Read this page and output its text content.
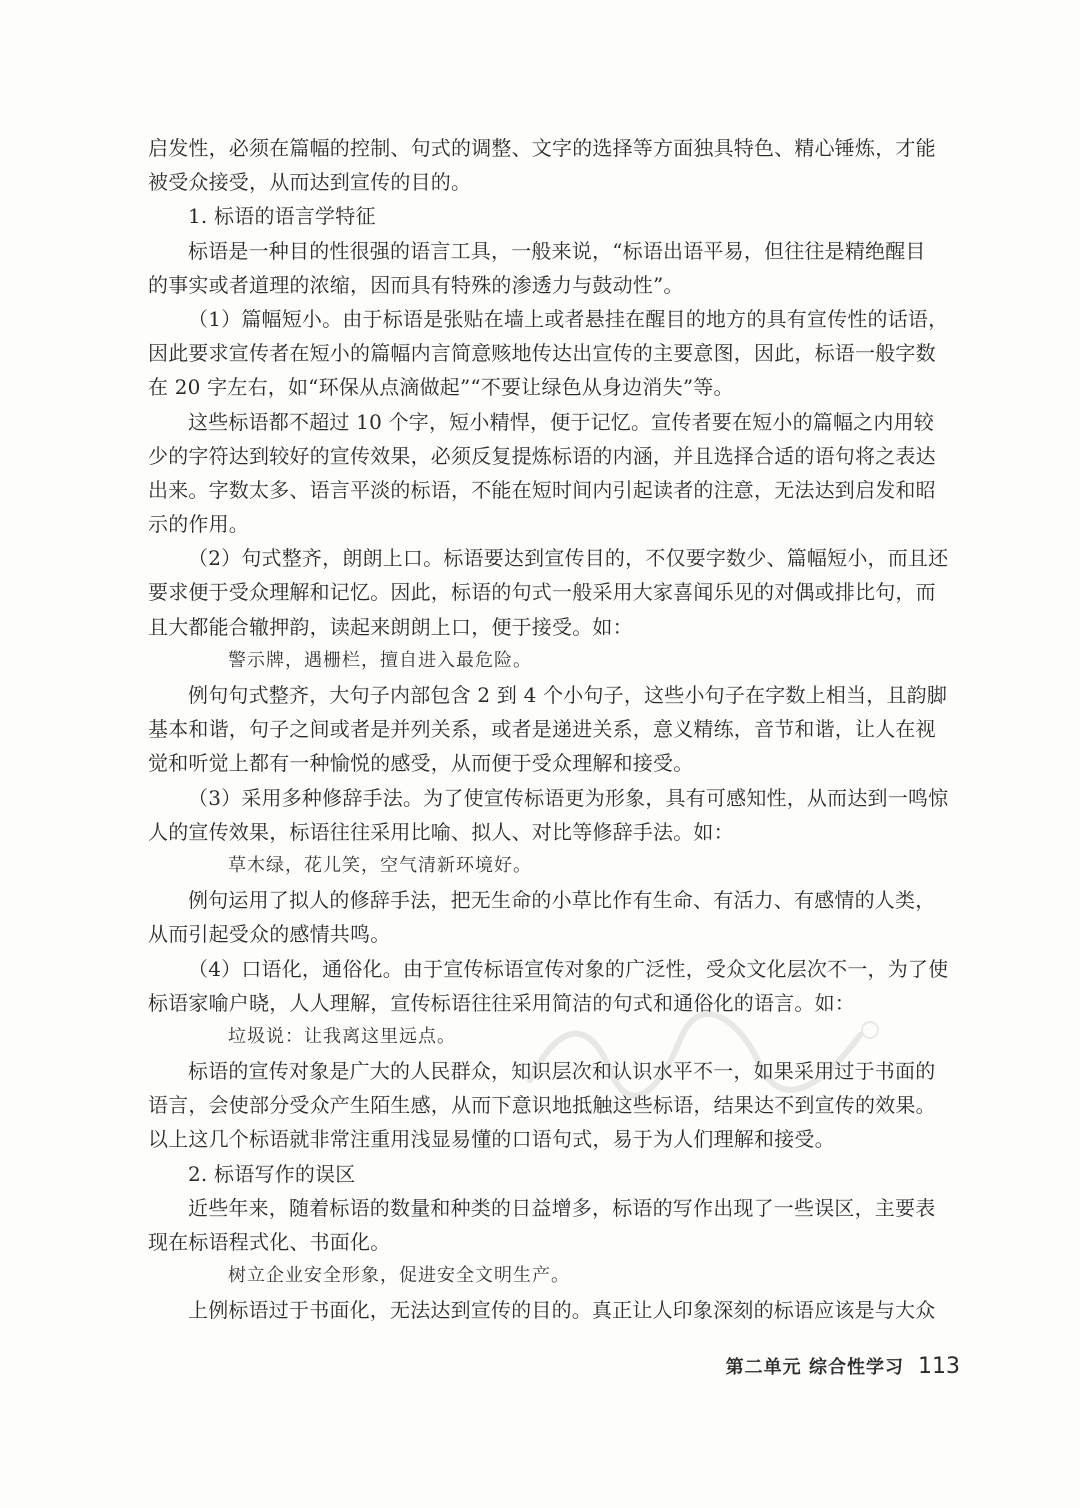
启发性，必须在篇幅的控制、句式的调整、文字的选择等方面独具特色、精心锤炼，才能
被受众接受，从而达到宣传的目的。
1. 标语的语言学特征
标语是一种目的性很强的语言工具，一般来说，“标语出语平易，但往往是精绝醒目
的事实或者道理的浓缩，因而具有特殊的渗透力与鼓动性”。
（1）篇幅短小。由于标语是张贴在墙上或者悬挂在醒目的地方的具有宣传性的话语，
因此要求宣传者在短小的篇幅内言简意赅地传达出宣传的主要意图，因此，标语一般字数
在 20 字左右，如“环保从点滴做起”“不要让绿色从身边消失”等。
这些标语都不超过 10 个字，短小精悍，便于记忆。宣传者要在短小的篇幅之内用较
少的字符达到较好的宣传效果，必须反复提炼标语的内涵，并且选择合适的语句将之表达
出来。字数太多、语言平淡的标语，不能在短时间内引起读者的注意，无法达到启发和昭
示的作用。
（2）句式整齐，朗朗上口。标语要达到宣传目的，不仅要字数少、篇幅短小，而且还
要求便于受众理解和记忆。因此，标语的句式一般采用大家喜闻乐见的对偶或排比句，而
且大都能合辙押韵，读起来朗朗上口，便于接受。如：
警示牌，遇栅栏，擅自进入最危险。
例句句式整齐，大句子内部包含 2 到 4 个小句子，这些小句子在字数上相当，且韵脚
基本和谐，句子之间或者是并列关系，或者是递进关系，意义精练，音节和谐，让人在视
觉和听觉上都有一种愉悦的感受，从而便于受众理解和接受。
（3）采用多种修辞手法。为了使宣传标语更为形象，具有可感知性，从而达到一鸣惊
人的宣传效果，标语往往采用比喻、拟人、对比等修辞手法。如：
草木绿，花儿笑，空气清新环境好。
例句运用了拟人的修辞手法，把无生命的小草比作有生命、有活力、有感情的人类，
从而引起受众的感情共鸣。
（4）口语化，通俗化。由于宣传标语宣传对象的广泛性，受众文化层次不一，为了使
标语家喻户晓，人人理解，宣传标语往往采用简洁的句式和通俗化的语言。如：
垃圾说：让我离这里远点。
标语的宣传对象是广大的人民群众，知识层次和认识水平不一，如果采用过于书面的
语言，会使部分受众产生陌生感，从而下意识地抵触这些标语，结果达不到宣传的效果。
以上这几个标语就非常注重用浅显易懂的口语句式，易于为人们理解和接受。
2. 标语写作的误区
近些年来，随着标语的数量和种类的日益增多，标语的写作出现了一些误区，主要表
现在标语程式化、书面化。
树立企业安全形象，促进安全文明生产。
上例标语过于书面化，无法达到宣传的目的。真正让人印象深刻的标语应该是与大众
第二单元 综合性学习 113
